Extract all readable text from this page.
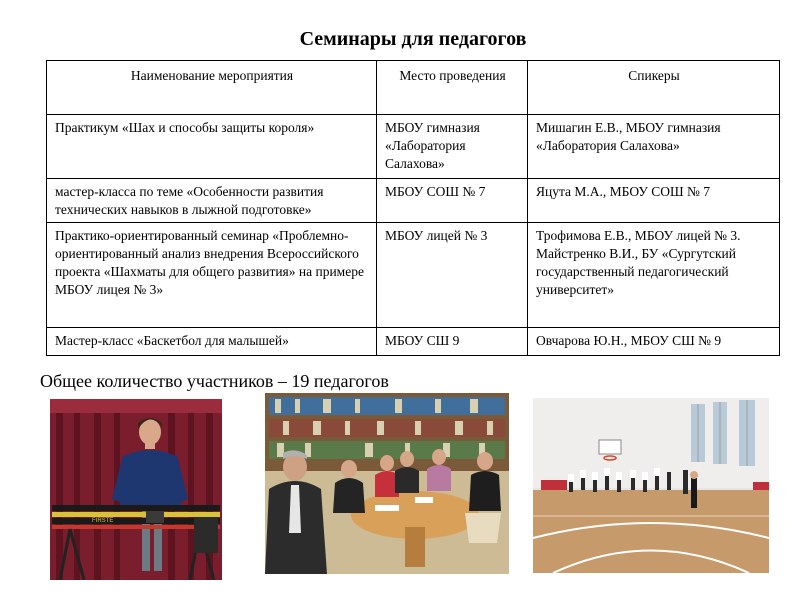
Семинары для педагогов
Наименование мероприятия	Место проведения	Спикеры
Практикум «Шах и способы защиты короля»	МБОУ гимназия «Лаборатория Салахова»	Мишагин Е.В., МБОУ гимназия «Лаборатория Салахова»
мастер-класса по теме «Особенности развития технических навыков в лыжной подготовке»	МБОУ СОШ № 7	Яцута М.А., МБОУ СОШ № 7
Практико-ориентированный семинар «Проблемно-ориентированный анализ внедрения Всероссийского проекта «Шахматы для общего развития» на примере МБОУ лицея № 3»	МБОУ лицей № 3	Трофимова Е.В., МБОУ лицей № 3. Майстренко В.И., БУ «Сургутский государственный педагогический университет»
Мастер-класс «Баскетбол для малышей»	МБОУ СШ 9	Овчарова Ю.Н., МБОУ СШ № 9
Общее количество участников – 19 педагогов
FIRSTE
